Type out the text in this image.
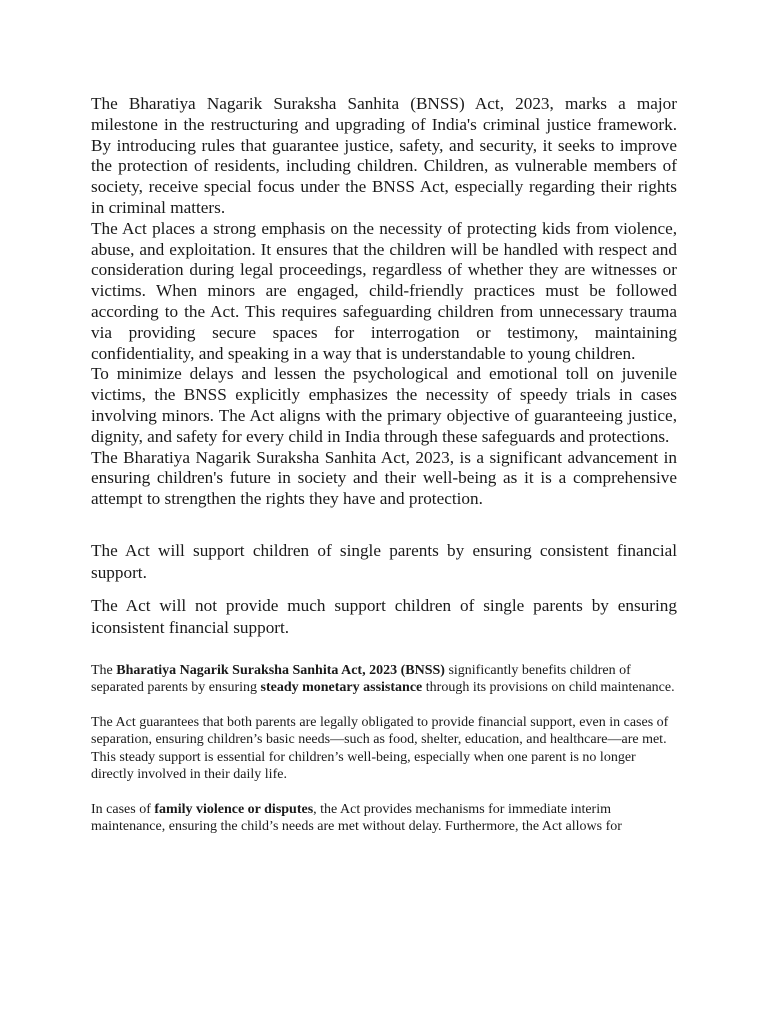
The Bharatiya Nagarik Suraksha Sanhita (BNSS) Act, 2023, marks a major milestone in the restructuring and upgrading of India's criminal justice framework. By introducing rules that guarantee justice, safety, and security, it seeks to improve the protection of residents, including children. Children, as vulnerable members of society, receive special focus under the BNSS Act, especially regarding their rights in criminal matters.

The Act places a strong emphasis on the necessity of protecting kids from violence, abuse, and exploitation. It ensures that the children will be handled with respect and consideration during legal proceedings, regardless of whether they are witnesses or victims. When minors are engaged, child-friendly practices must be followed according to the Act. This requires safeguarding children from unnecessary trauma via providing secure spaces for interrogation or testimony, maintaining confidentiality, and speaking in a way that is understandable to young children.

To minimize delays and lessen the psychological and emotional toll on juvenile victims, the BNSS explicitly emphasizes the necessity of speedy trials in cases involving minors. The Act aligns with the primary objective of guaranteeing justice, dignity, and safety for every child in India through these safeguards and protections.

The Bharatiya Nagarik Suraksha Sanhita Act, 2023, is a significant advancement in ensuring children's future in society and their well-being as it is a comprehensive attempt to strengthen the rights they have and protection.

The Act will support children of single parents by ensuring consistent financial support.

The Act will not provide much support children of single parents by ensuring iconsistent financial support.

The Bharatiya Nagarik Suraksha Sanhita Act, 2023 (BNSS) significantly benefits children of separated parents by ensuring steady monetary assistance through its provisions on child maintenance.

The Act guarantees that both parents are legally obligated to provide financial support, even in cases of separation, ensuring children’s basic needs—such as food, shelter, education, and healthcare—are met. This steady support is essential for children’s well-being, especially when one parent is no longer directly involved in their daily life.

In cases of family violence or disputes, the Act provides mechanisms for immediate interim maintenance, ensuring the child’s needs are met without delay. Furthermore, the Act allows for
